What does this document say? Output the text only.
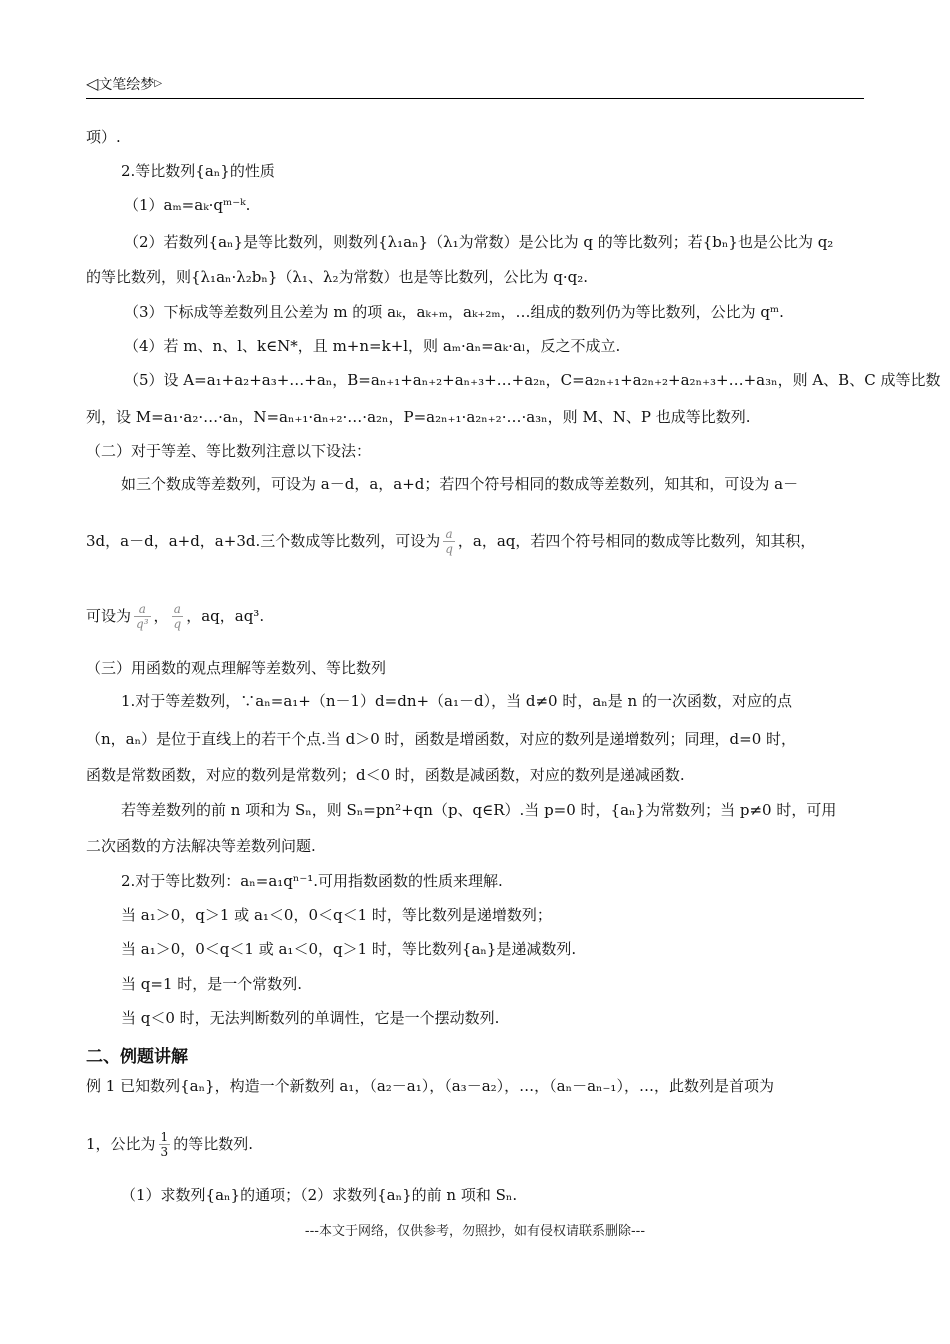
◁文笔绘梦▷
项）.
2.等比数列{aₙ}的性质
（1）aₘ=aₖ·qᵐ⁻ᵏ.
（2）若数列{aₙ}是等比数列，则数列{λ₁aₙ}（λ₁为常数）是公比为 q 的等比数列；若{bₙ}也是公比为 q₂
的等比数列，则{λ₁aₙ·λ₂bₙ}（λ₁、λ₂为常数）也是等比数列，公比为 q·q₂.
（3）下标成等差数列且公差为 m 的项 aₖ，aₖ₊ₘ，aₖ₊₂ₘ，…组成的数列仍为等比数列，公比为 qᵐ.
（4）若 m、n、l、k∈N*，且 m+n=k+l，则 aₘ·aₙ=aₖ·aₗ，反之不成立.
（5）设 A=a₁+a₂+a₃+…+aₙ，B=aₙ₊₁+aₙ₊₂+aₙ₊₃+…+a₂ₙ，C=a₂ₙ₊₁+a₂ₙ₊₂+a₂ₙ₊₃+…+a₃ₙ，则 A、B、C 成等比数
列，设 M=a₁·a₂·…·aₙ，N=aₙ₊₁·aₙ₊₂·…·a₂ₙ，P=a₂ₙ₊₁·a₂ₙ₊₂·…·a₃ₙ，则 M、N、P 也成等比数列.
（二）对于等差、等比数列注意以下设法：
如三个数成等差数列，可设为 a－d，a，a+d；若四个符号相同的数成等差数列，知其和，可设为 a－
3d，a－d，a+d，a+3d.三个数成等比数列，可设为 $\frac{a}{q}$ ，a，aq，若四个符号相同的数成等比数列，知其积，
可设为 $\frac{a}{\text{q³}}$ ， $\frac{a}{q}$ ，aq，aq³.
（三）用函数的观点理解等差数列、等比数列
1.对于等差数列，∵aₙ=a₁+（n－1）d=dn+（a₁－d），当 d≠0 时，aₙ是 n 的一次函数，对应的点
（n，aₙ）是位于直线上的若干个点.当 d＞0 时，函数是增函数，对应的数列是递增数列；同理，d=0 时，
函数是常数函数，对应的数列是常数列；d＜0 时，函数是减函数，对应的数列是递减函数.
若等差数列的前 n 项和为 Sₙ，则 Sₙ=pn²+qn（p、q∈R）.当 p=0 时，{aₙ}为常数列；当 p≠0 时，可用
二次函数的方法解决等差数列问题.
2.对于等比数列：aₙ=a₁qⁿ⁻¹.可用指数函数的性质来理解.
当 a₁＞0，q＞1 或 a₁＜0，0＜q＜1 时，等比数列是递增数列；
当 a₁＞0，0＜q＜1 或 a₁＜0，q＞1 时，等比数列{aₙ}是递减数列.
当 q=1 时，是一个常数列.
当 q＜0 时，无法判断数列的单调性，它是一个摆动数列.
二、例题讲解
例 1 已知数列{aₙ}，构造一个新数列 a₁，（a₂－a₁），（a₃－a₂），…，（aₙ－aₙ₋₁），…，此数列是首项为
1，公比为 $\frac{1}{3}$ 的等比数列.
（1）求数列{aₙ}的通项；（2）求数列{aₙ}的前 n 项和 Sₙ.
---本文于网络，仅供参考，勿照抄，如有侵权请联系删除---
